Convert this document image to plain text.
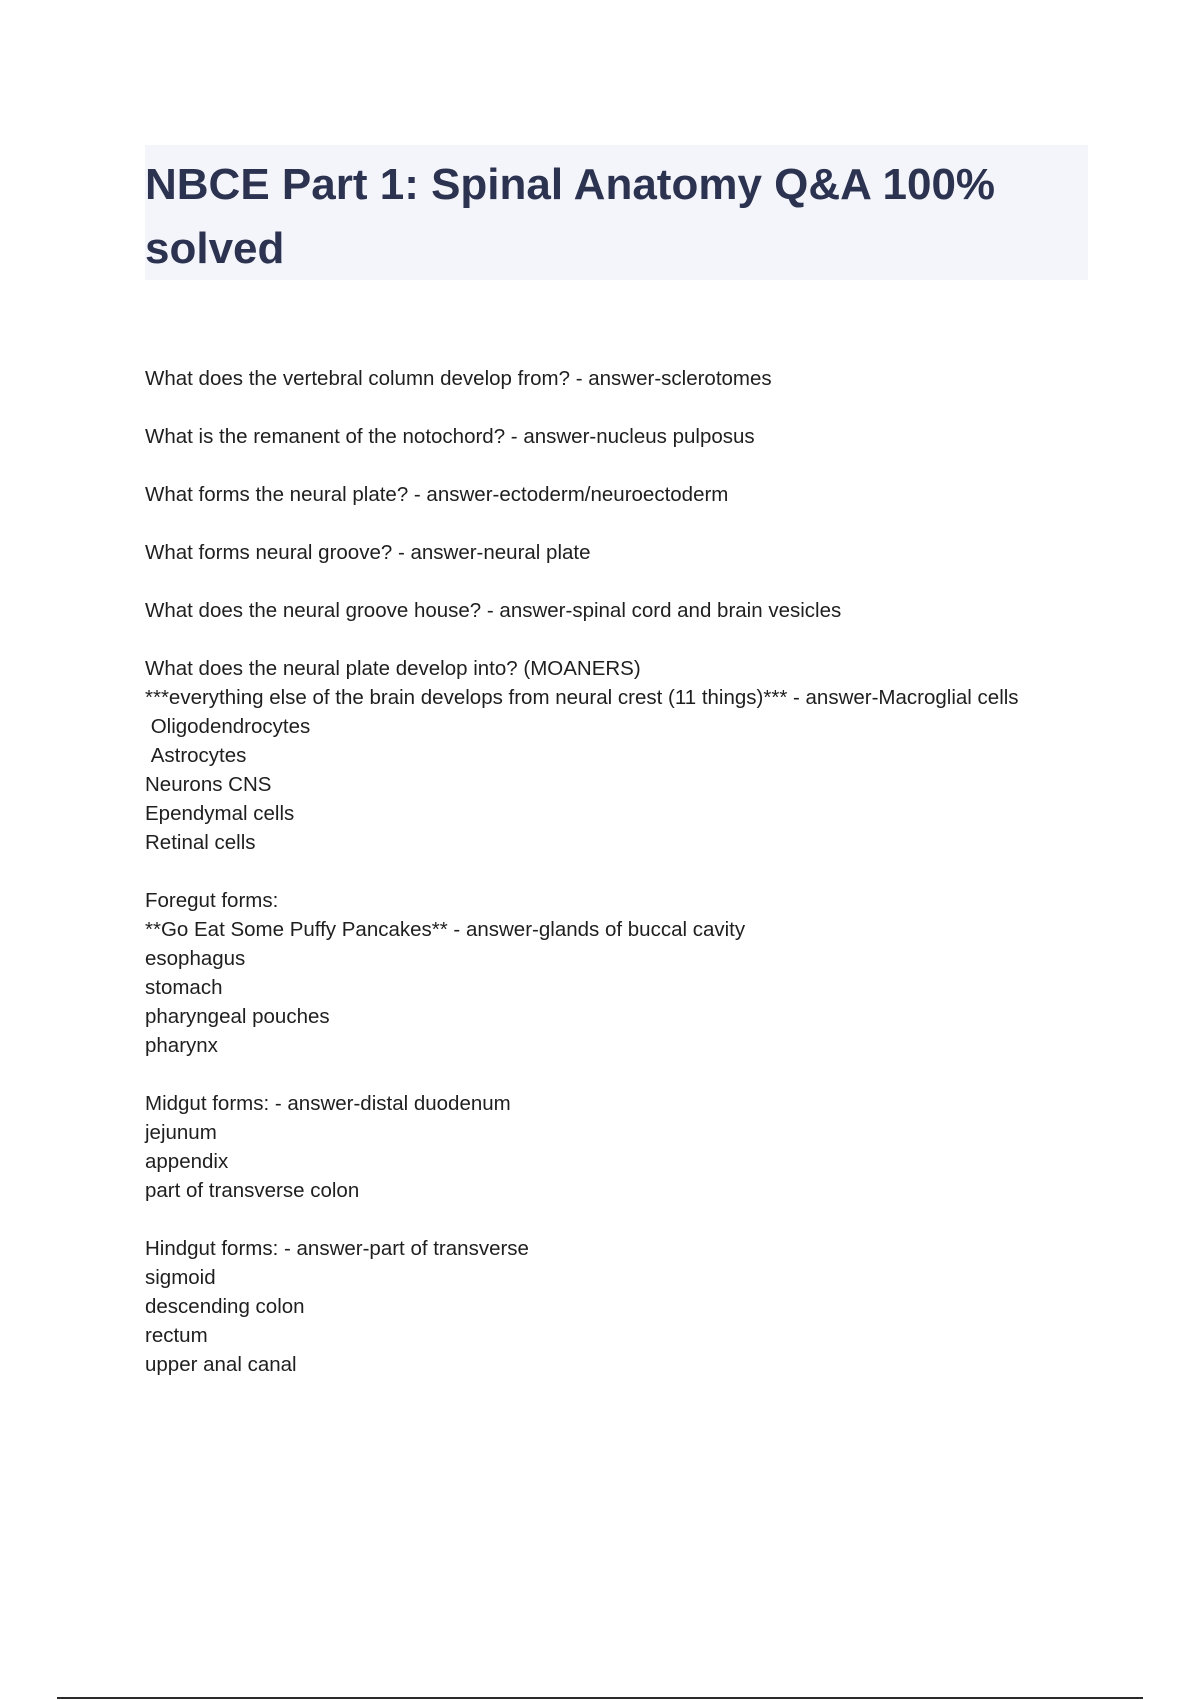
NBCE Part 1: Spinal Anatomy Q&A 100% solved
What does the vertebral column develop from? - answer-sclerotomes
What is the remanent of the notochord? - answer-nucleus pulposus
What forms the neural plate? - answer-ectoderm/neuroectoderm
What forms neural groove? - answer-neural plate
What does the neural groove house? - answer-spinal cord and brain vesicles
What does the neural plate develop into? (MOANERS)
***everything else of the brain develops from neural crest (11 things)*** - answer-Macroglial cells
Oligodendrocytes
Astrocytes
Neurons CNS
Ependymal cells
Retinal cells
Foregut forms:
**Go Eat Some Puffy Pancakes** - answer-glands of buccal cavity
esophagus
stomach
pharyngeal pouches
pharynx
Midgut forms: - answer-distal duodenum
jejunum
appendix
part of transverse colon
Hindgut forms: - answer-part of transverse
sigmoid
descending colon
rectum
upper anal canal
